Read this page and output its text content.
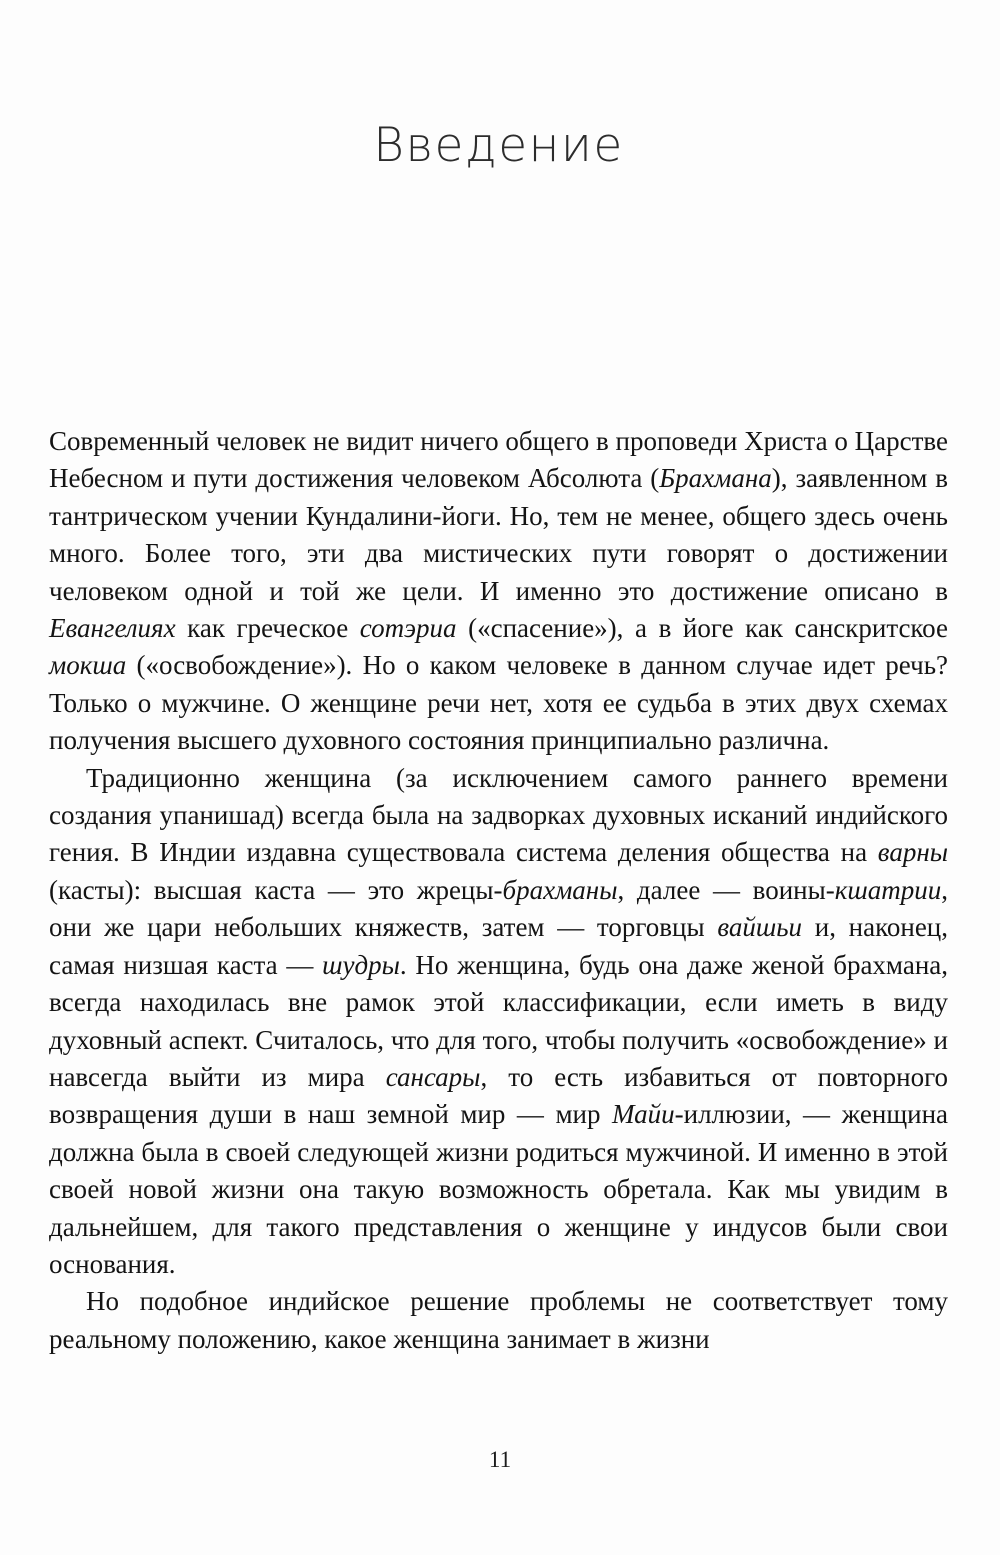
Введение

Современный человек не видит ничего общего в проповеди Христа о Царстве Небесном и пути достижения человеком Абсолюта (Брахмана), заявленном в тантрическом учении Кундалини-йоги. Но, тем не менее, общего здесь очень много. Более того, эти два мистических пути говорят о достижении человеком одной и той же цели. И именно это достижение описано в Евангелиях как греческое сотэриа («спасение»), а в йоге как санскритское мокша («освобождение»). Но о каком человеке в данном случае идет речь? Только о мужчине. О женщине речи нет, хотя ее судьба в этих двух схемах получения высшего духовного состояния принципиально различна.

Традиционно женщина (за исключением самого раннего времени создания упанишад) всегда была на задворках духовных исканий индийского гения. В Индии издавна существовала система деления общества на варны (касты): высшая каста — это жрецы-брахманы, далее — воины-кшатрии, они же цари небольших княжеств, затем — торговцы вайшьи и, наконец, самая низшая каста — шудры. Но женщина, будь она даже женой брахмана, всегда находилась вне рамок этой классификации, если иметь в виду духовный аспект. Считалось, что для того, чтобы получить «освобождение» и навсегда выйти из мира сансары, то есть избавиться от повторного возвращения души в наш земной мир — мир Майи-иллюзии, — женщина должна была в своей следующей жизни родиться мужчиной. И именно в этой своей новой жизни она такую возможность обретала. Как мы увидим в дальнейшем, для такого представления о женщине у индусов были свои основания.

Но подобное индийское решение проблемы не соответствует тому реальному положению, какое женщина занимает в жизни

11
